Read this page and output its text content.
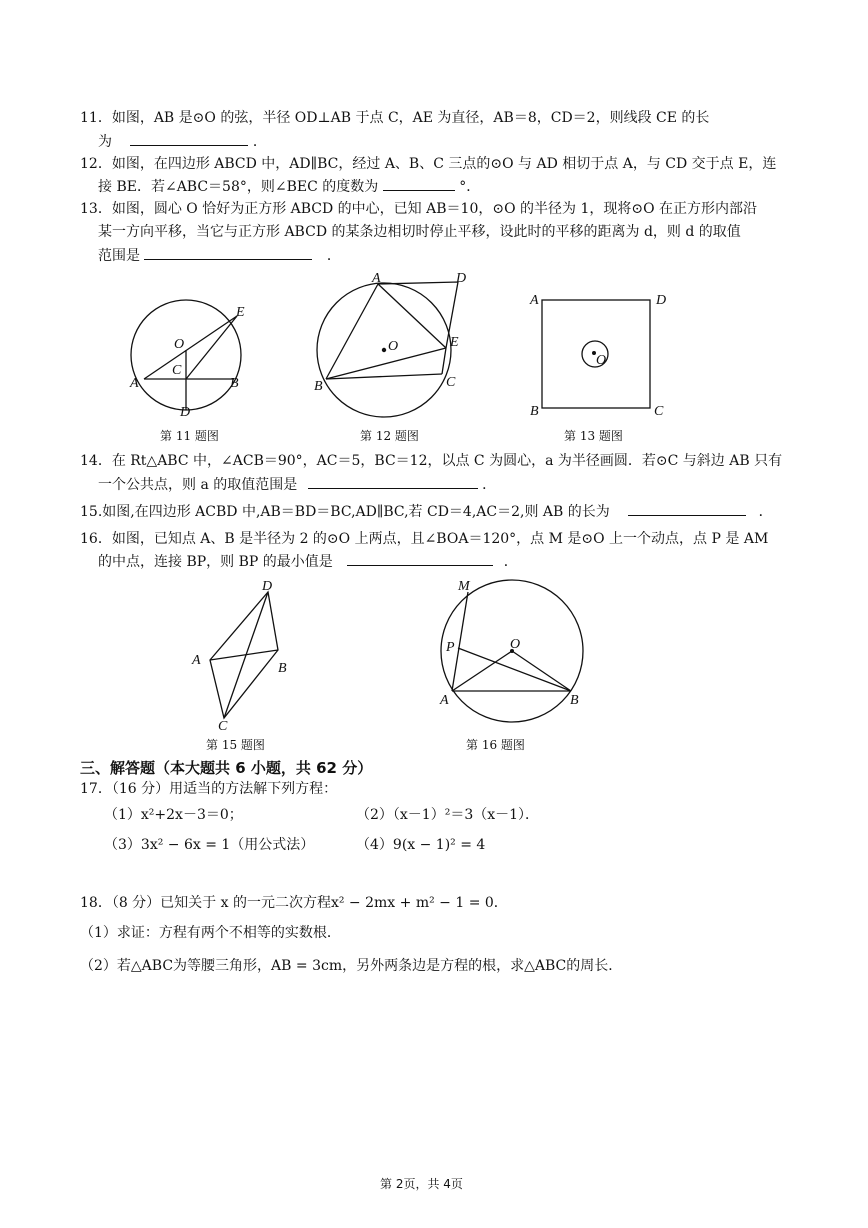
11．如图，AB 是⊙O 的弦，半径 OD⊥AB 于点 C，AE 为直径，AB＝8，CD＝2，则线段 CE 的长
为	．
12．如图，在四边形 ABCD 中，AD∥BC，经过 A、B、C 三点的⊙O 与 AD 相切于点 A，与 CD 交于点 E，连
接 BE．若∠ABC＝58°，则∠BEC 的度数为	°．
13．如图，圆心 O 恰好为正方形 ABCD 的中心，已知 AB＝10，⊙O 的半径为 1，现将⊙O 在正方形内部沿
某一方向平移，当它与正方形 ABCD 的某条边相切时停止平移，设此时的平移的距离为 d，则 d 的取值
范围是	．
O
E
C
A	B
D
第 11 题图
A	D
O	E
B	C
第 12 题图
A	D
O
B	C
第 13 题图
14．在 Rt△ABC 中，∠ACB＝90°，AC＝5，BC＝12，以点 C 为圆心，a 为半径画圆．若⊙C 与斜边 AB 只有
一个公共点，则 a 的取值范围是	．
15.如图,在四边形 ACBD 中,AB＝BD＝BC,AD∥BC,若 CD＝4,AC＝2,则 AB 的长为	．
16．如图，已知点 A、B 是半径为 2 的⊙O 上两点，且∠BOA＝120°，点 M 是⊙O 上一个动点，点 P 是 AM
的中点，连接 BP，则 BP 的最小值是	．
D
A
B
C
第 15 题图
M
O
P
A	B
第 16 题图
三、解答题（本大题共 6 小题，共 62 分）
17．（16 分）用适当的方法解下列方程：
（1）x²+2x－3＝0；	（2）（x－1）²＝3（x－1）．
（3）3x² − 6x = 1（用公式法）	（4）9(x − 1)² = 4
18．（8 分）已知关于 x 的一元二次方程x² − 2mx + m² − 1 = 0．
（1）求证：方程有两个不相等的实数根．
（2）若△ABC为等腰三角形，AB = 3cm，另外两条边是方程的根，求△ABC的周长．
第 2页，共 4页
